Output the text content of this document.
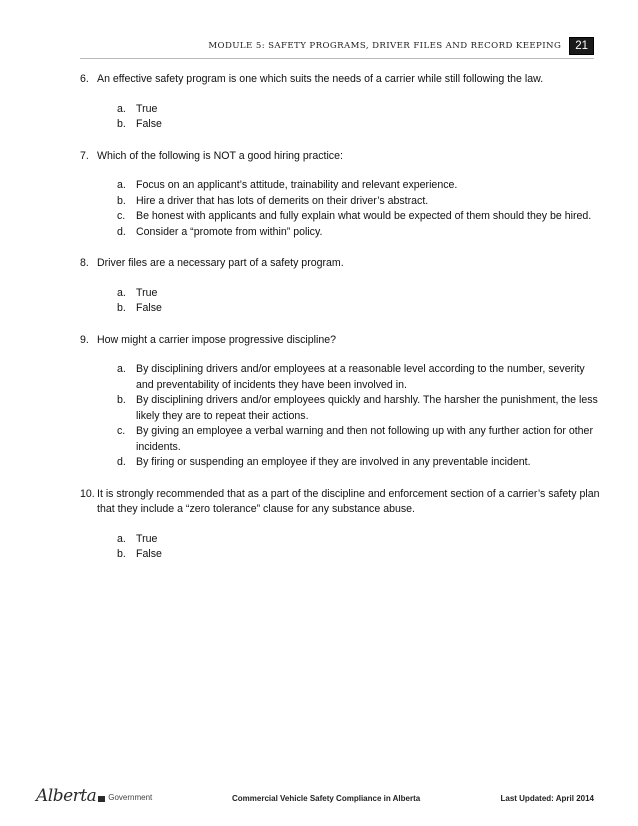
MODULE 5: SAFETY PROGRAMS, DRIVER FILES AND RECORD KEEPING	21
6. An effective safety program is one which suits the needs of a carrier while still following the law.
a. True
b. False
7. Which of the following is NOT a good hiring practice:
a. Focus on an applicant’s attitude, trainability and relevant experience.
b. Hire a driver that has lots of demerits on their driver’s abstract.
c.	Be honest with applicants and fully explain what would be expected of them should they be hired.
d. Consider a “promote from within” policy.
8. Driver files are a necessary part of a safety program.
a. True
b. False
9. How might a carrier impose progressive discipline?
a. By disciplining drivers and/or employees at a reasonable level according to the number, severity and preventability of incidents they have been involved in.
b. By disciplining drivers and/or employees quickly and harshly. The harsher the punishment, the less likely they are to repeat their actions.
c.	By giving an employee a verbal warning and then not following up with any further action for other incidents.
d. By firing or suspending an employee if they are involved in any preventable incident.
10. It is strongly recommended that as a part of the discipline and enforcement section of a carrier’s safety plan that they include a “zero tolerance” clause for any substance abuse.
a. True
b. False
Alberta Government	Commercial Vehicle Safety Compliance in Alberta	Last Updated: April 2014
